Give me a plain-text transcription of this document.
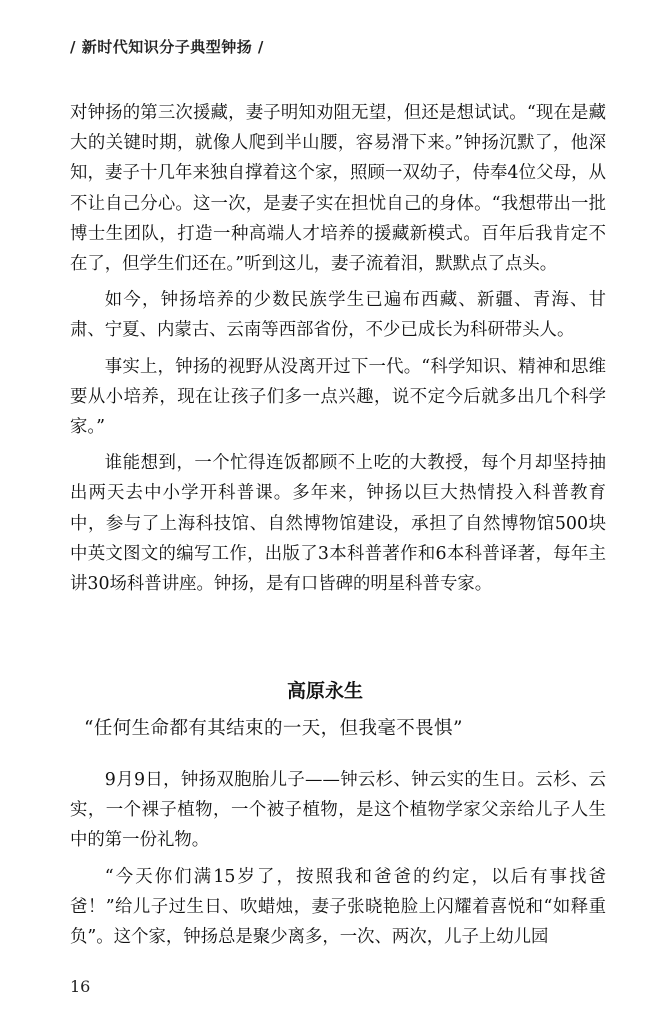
/ 新时代知识分子典型钟扬 /

对钟扬的第三次援藏，妻子明知劝阻无望，但还是想试试。“现在是藏大的关键时期，就像人爬到半山腰，容易滑下来。”钟扬沉默了，他深知，妻子十几年来独自撑着这个家，照顾一双幼子，侍奉4位父母，从不让自己分心。这一次，是妻子实在担忧自己的身体。“我想带出一批博士生团队，打造一种高端人才培养的援藏新模式。百年后我肯定不在了，但学生们还在。”听到这儿，妻子流着泪，默默点了点头。

如今，钟扬培养的少数民族学生已遍布西藏、新疆、青海、甘肃、宁夏、内蒙古、云南等西部省份，不少已成长为科研带头人。

事实上，钟扬的视野从没离开过下一代。“科学知识、精神和思维要从小培养，现在让孩子们多一点兴趣，说不定今后就多出几个科学家。”

谁能想到，一个忙得连饭都顾不上吃的大教授，每个月却坚持抽出两天去中小学开科普课。多年来，钟扬以巨大热情投入科普教育中，参与了上海科技馆、自然博物馆建设，承担了自然博物馆500块中英文图文的编写工作，出版了3本科普著作和6本科普译著，每年主讲30场科普讲座。钟扬，是有口皆碑的明星科普专家。

高原永生
“任何生命都有其结束的一天，但我毫不畏惧”

9月9日，钟扬双胞胎儿子——钟云杉、钟云实的生日。云杉、云实，一个裸子植物，一个被子植物，是这个植物学家父亲给儿子人生中的第一份礼物。

“今天你们满15岁了，按照我和爸爸的约定，以后有事找爸爸！”给儿子过生日、吹蜡烛，妻子张晓艳脸上闪耀着喜悦和“如释重负”。这个家，钟扬总是聚少离多，一次、两次，儿子上幼儿园

16
